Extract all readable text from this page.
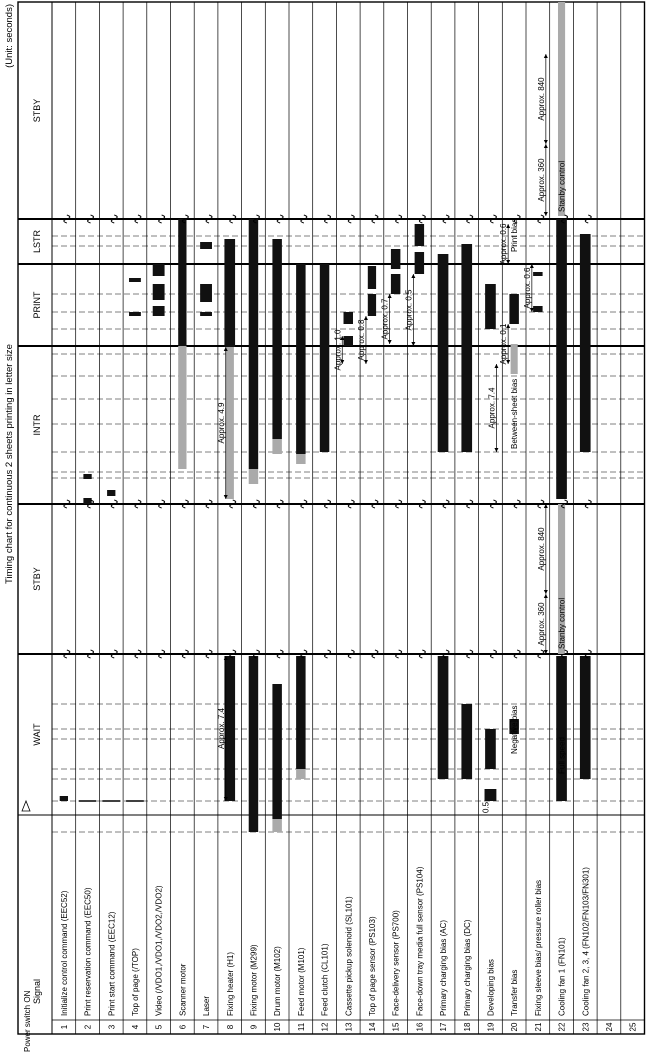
Timing chart for continuous 2 sheets printing in letter size
(Unit: seconds)
Power switch ON	1
Initialize control command (EEC52)
2
Print reservation command (EEC50)
3
Print start command (EEC12)
4
Top of page (/TOP)
5
Video (/VDO1,/VDO1,/VDO2,/VDO2)
6
Scanner motor
7
Laser
8
Fixing heater (H1)
9
Fixing motor (M299)
10
Drum motor (M102)
11
Feed motor (M101)
12
Feed clutch (CL101)
13
Cassette pickup solenoid (SL101)
14
Top of page sensor (PS103)
15
Face-delivery sensor (PS700)
16
Face-down tray media full sensor (PS104)
17
Primary charging bias (AC)
18
Primary charging bias (DC)
19
Developing bias
20
Transfer bias
21
Fixing sleeve bias/ pressure roller bias
22
Cooling fan 1 (FN101)
23
Cooling fan 2, 3, 4 (FN102/FN103/FN301)
24 25
Signal
WAIT
STBY
INTR
PRINT
LSTR
STBY
Approx. 7.4
Approx. 4.9
Approx. 360
Approx. 840
Approx. 360
Approx. 840
Stanby control
Stanby control
Approx. 1.0 Approx. 0.8
Approx. 0.7 Approx. 0.5
Approx. 0.1
Approx. 7.4
Approx. 0.6
Approx. 0.6 Print bias
Between-sheet bias
Negative bias
Full speed
0.5
